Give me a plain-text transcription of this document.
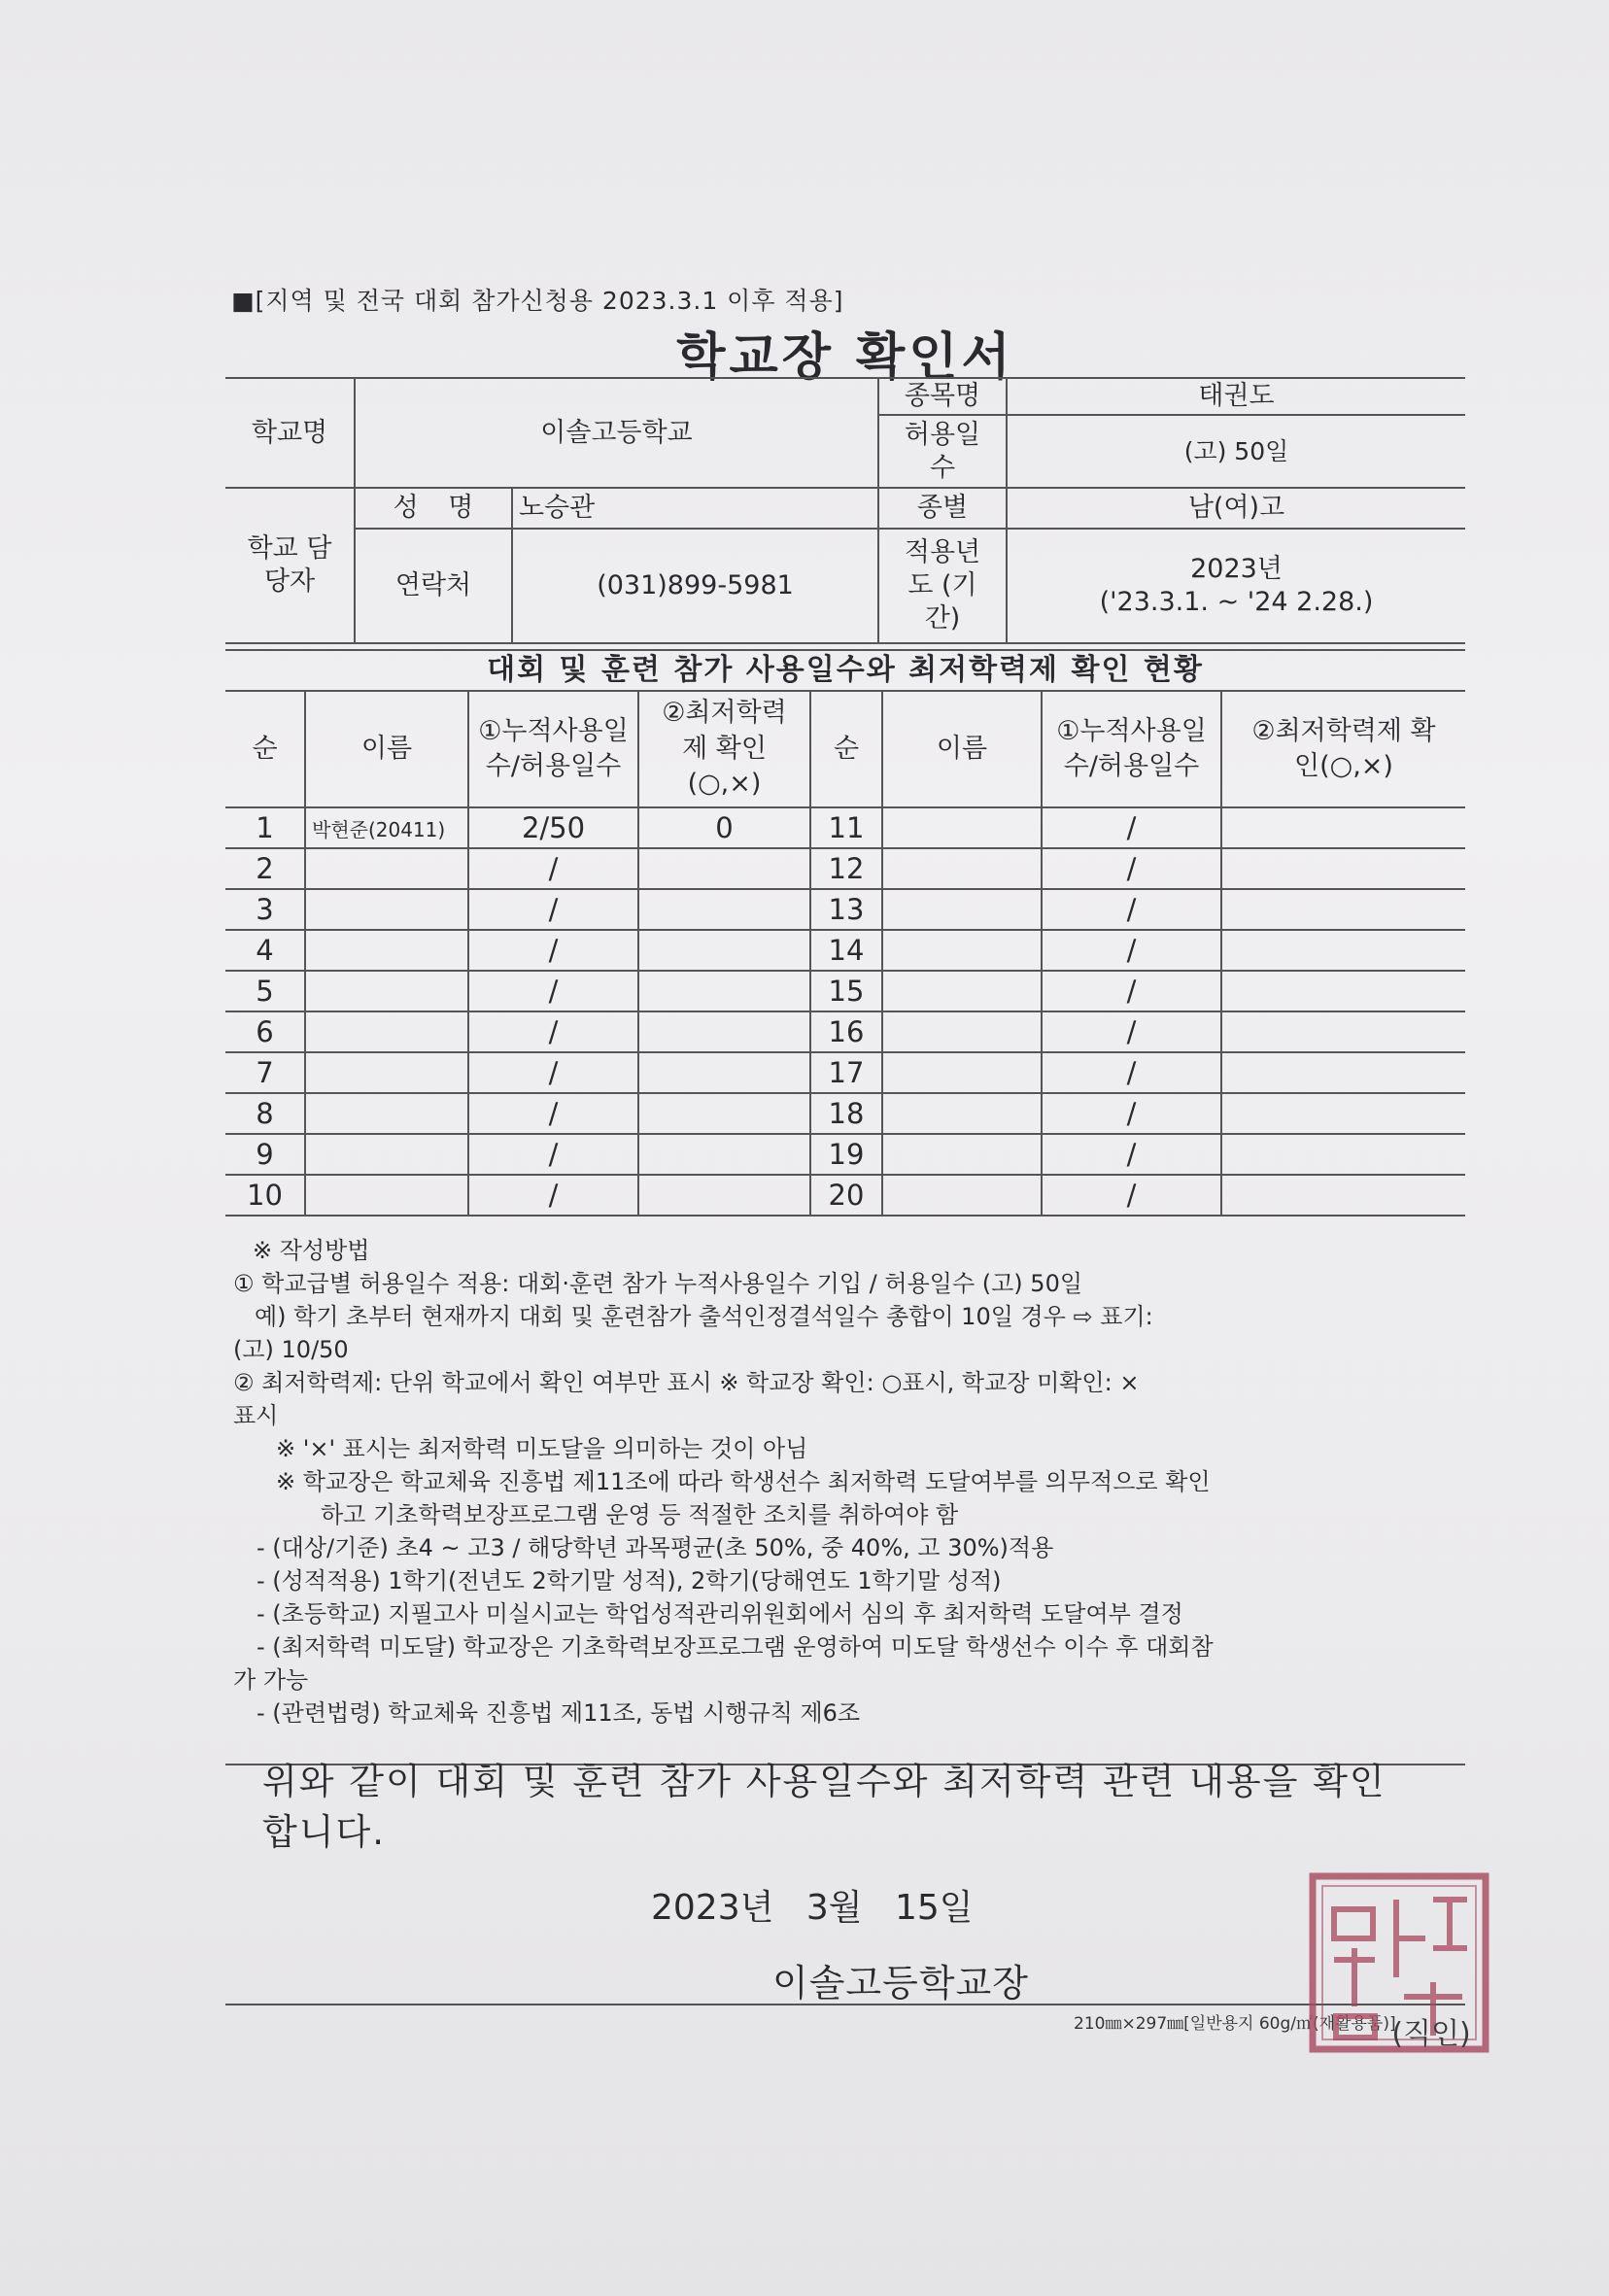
■[지역 및 전국 대회 참가신청용 2023.3.1 이후 적용]
학교장 확인서
학교명	이솔고등학교		종목명	태권도

			허용일수	(고) 50일

학교 담당자	성 명	노승관	종별	남(여)고
	연락처	(031)899-5981	적용년도 (기간)	2023년
('23.3.1. ~ '24 2.28.)
대회 및 훈련 참가 사용일수와 최저학력제 확인 현황
순	이름	①누적사용일수/허용일수	②최저학력제 확인(○,×)	순	이름	①누적사용일수/허용일수	②최저학력제 확인(○,×)

1	박현준(20411)	2/50	0	11		/	
2		/		12		/	
3		/		13		/	
4		/		14		/	
5		/		15		/	
6		/		16		/	
7		/		17		/	
8		/		18		/	
9		/		19		/	
10		/		20		/	
※ 작성방법
① 학교급별 허용일수 적용: 대회·훈련 참가 누적사용일수 기입 / 허용일수 (고) 50일
예) 학기 초부터 현재까지 대회 및 훈련참가 출석인정결석일수 총합이 10일 경우 ⇨ 표기:
(고) 10/50
② 최저학력제: 단위 학교에서 확인 여부만 표시 ※ 학교장 확인: ○표시, 학교장 미확인: ×
표시
※ '×' 표시는 최저학력 미도달을 의미하는 것이 아님
※ 학교장은 학교체육 진흥법 제11조에 따라 학생선수 최저학력 도달여부를 의무적으로 확인
하고 기초학력보장프로그램 운영 등 적절한 조치를 취하여야 함
- (대상/기준) 초4 ~ 고3 / 해당학년 과목평균(초 50%, 중 40%, 고 30%)적용
- (성적적용) 1학기(전년도 2학기말 성적), 2학기(당해연도 1학기말 성적)
- (초등학교) 지필고사 미실시교는 학업성적관리위원회에서 심의 후 최저학력 도달여부 결정
- (최저학력 미도달) 학교장은 기초학력보장프로그램 운영하여 미도달 학생선수 이수 후 대회참
가 가능
- (관련법령) 학교체육 진흥법 제11조, 동법 시행규칙 제6조
위와 같이 대회 및 훈련 참가 사용일수와 최저학력 관련 내용을 확인
합니다.
2023년 3월 15일
이솔고등학교장
210㎜×297㎜[일반용지 60g/㎡(재활용품)]
(직인)
